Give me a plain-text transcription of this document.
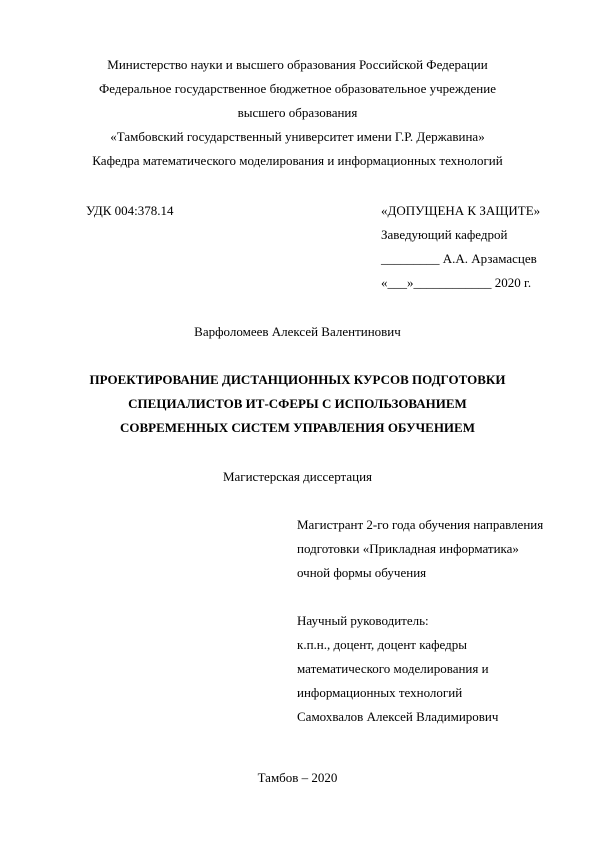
Министерство науки и высшего образования Российской Федерации
Федеральное государственное бюджетное образовательное учреждение
высшего образования
«Тамбовский государственный университет имени Г.Р. Державина»
Кафедра математического моделирования и информационных технологий
УДК 004:378.14	«ДОПУЩЕНА К ЗАЩИТЕ»
Заведующий кафедрой
_________ А.А. Арзамасцев
«___»____________ 2020 г.
Варфоломеев Алексей Валентинович
ПРОЕКТИРОВАНИЕ ДИСТАНЦИОННЫХ КУРСОВ ПОДГОТОВКИ
СПЕЦИАЛИСТОВ ИТ-СФЕРЫ С ИСПОЛЬЗОВАНИЕМ
СОВРЕМЕННЫХ СИСТЕМ УПРАВЛЕНИЯ ОБУЧЕНИЕМ
Магистерская диссертация
Магистрант 2-го года обучения направления
подготовки «Прикладная информатика»
очной формы обучения
Научный руководитель:
к.п.н., доцент, доцент кафедры
математического моделирования и
информационных технологий
Самохвалов Алексей Владимирович
Тамбов – 2020
